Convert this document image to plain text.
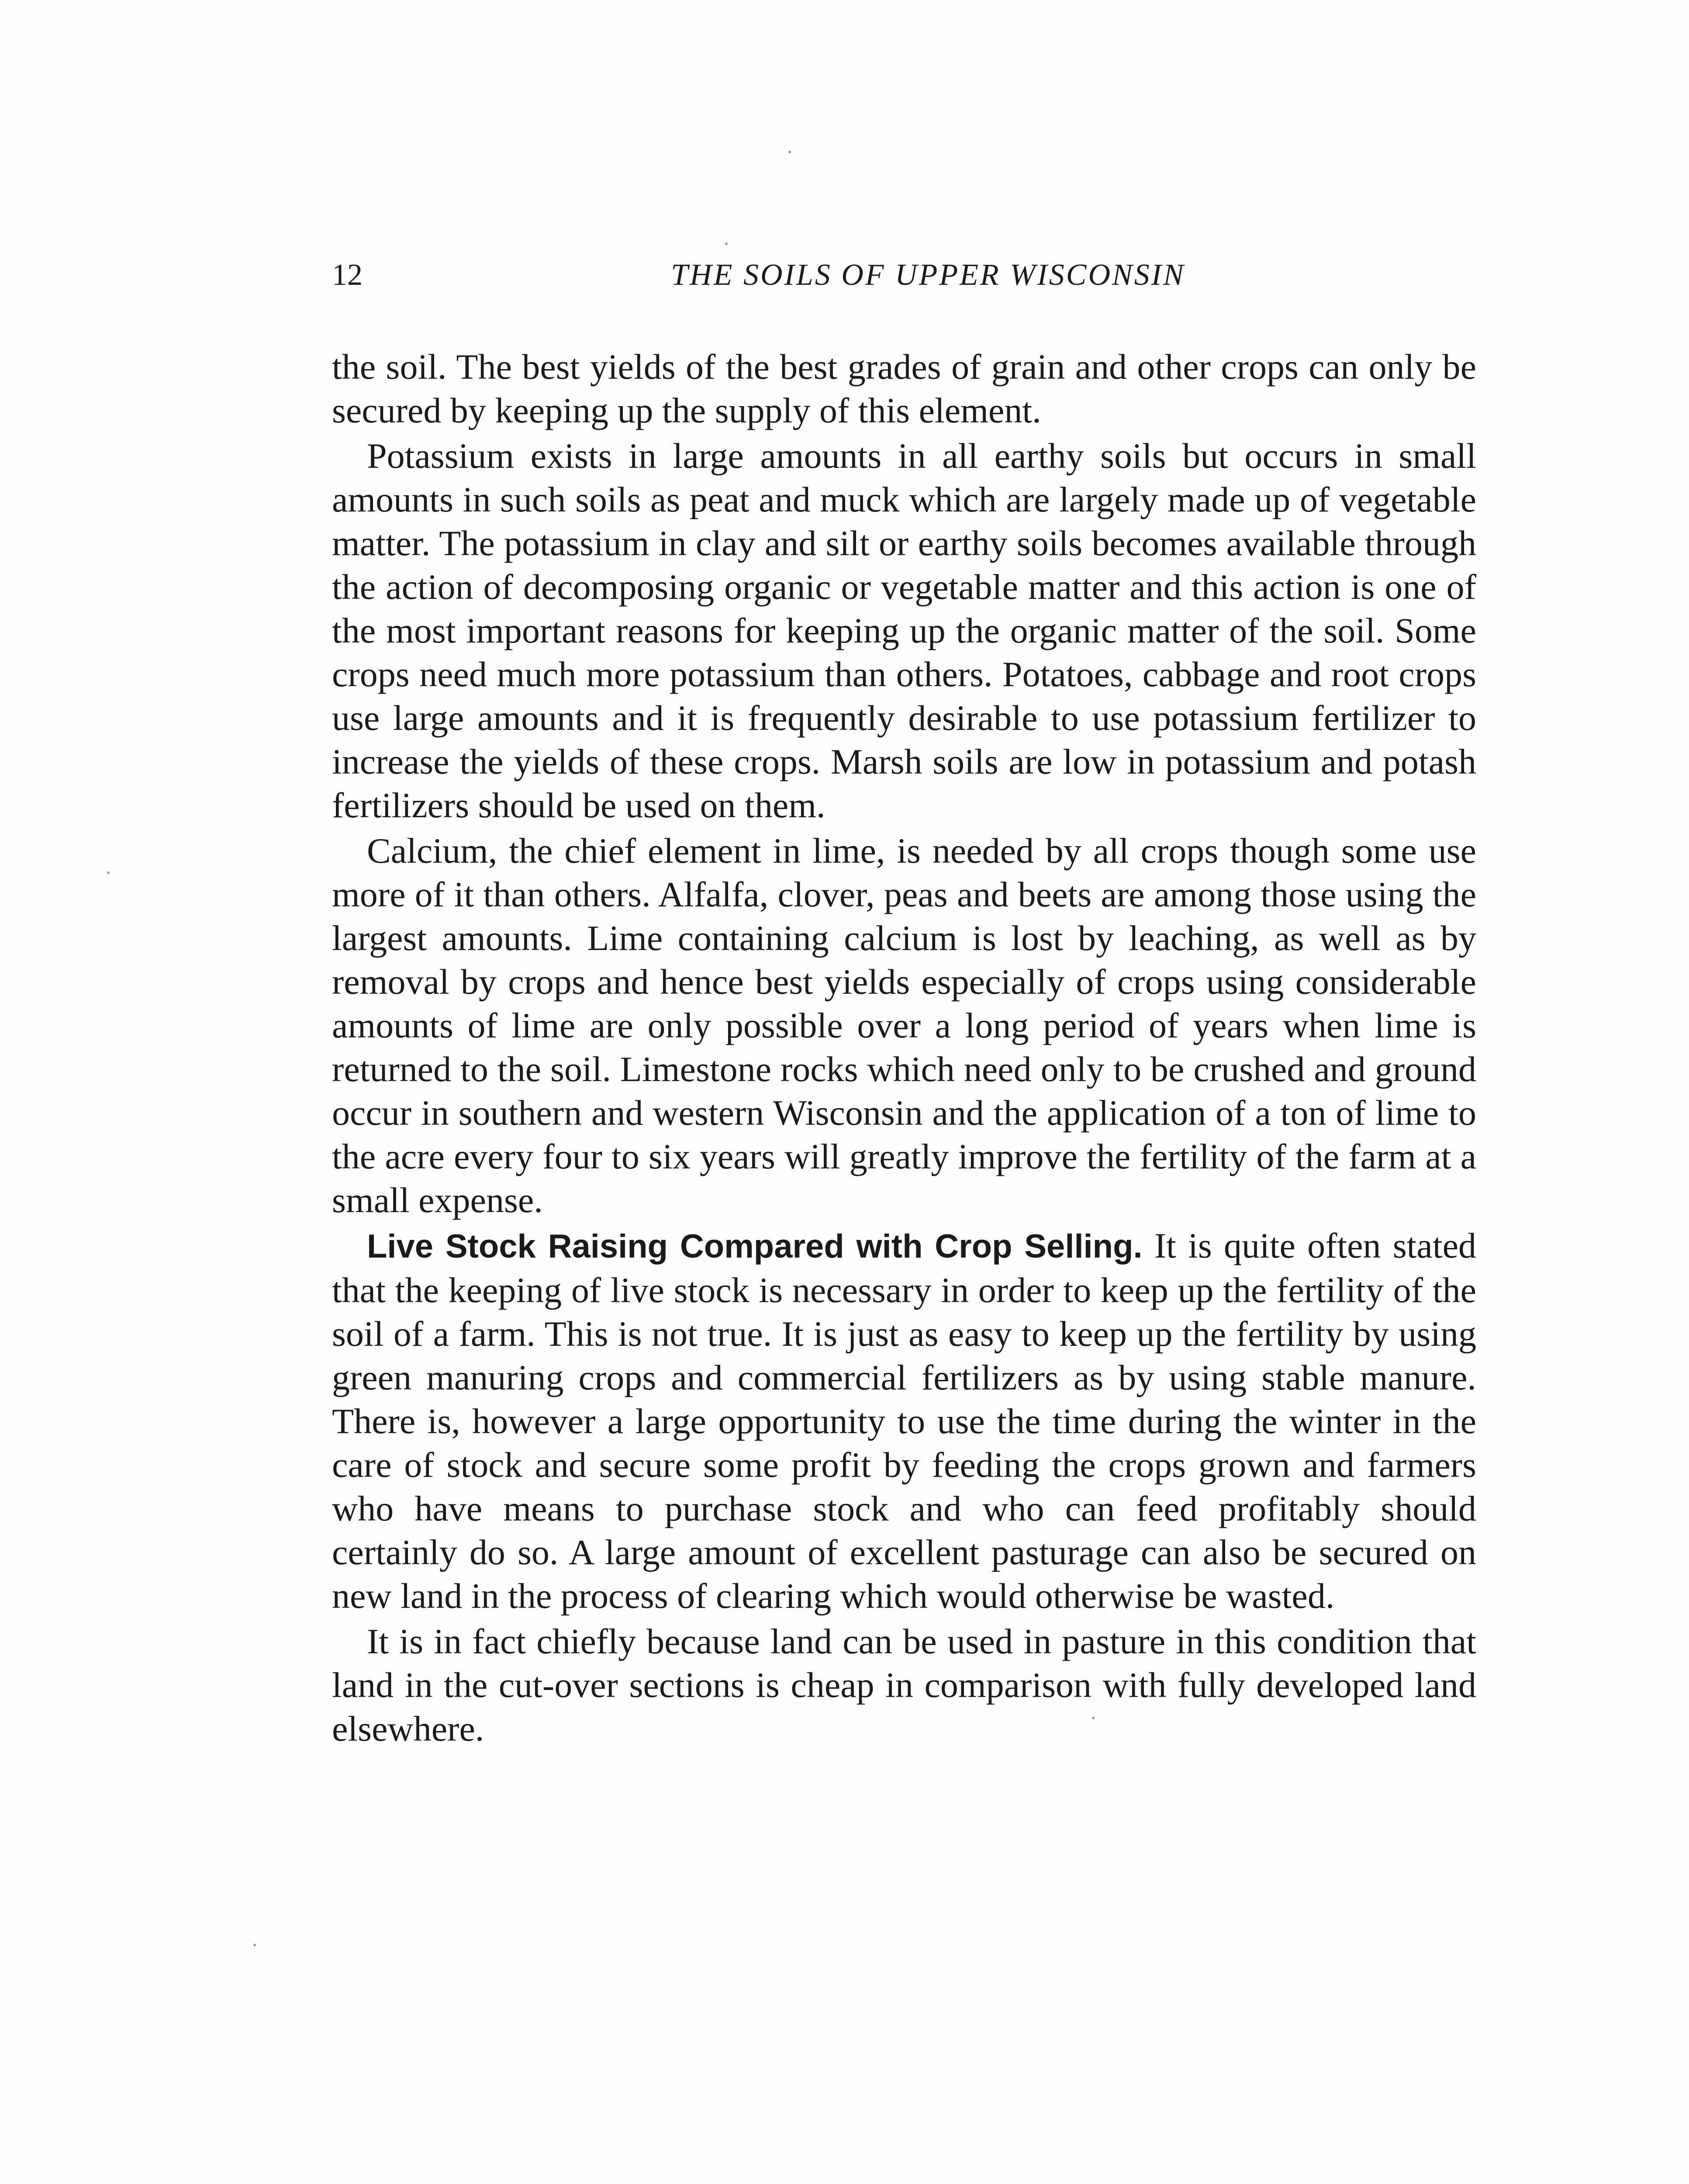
12	THE SOILS OF UPPER WISCONSIN

the soil. The best yields of the best grades of grain and other crops can only be secured by keeping up the supply of this element.

Potassium exists in large amounts in all earthy soils but occurs in small amounts in such soils as peat and muck which are largely made up of vegetable matter. The potassium in clay and silt or earthy soils becomes available through the action of decomposing organic or vegetable matter and this action is one of the most important reasons for keeping up the organic matter of the soil. Some crops need much more potassium than others. Potatoes, cabbage and root crops use large amounts and it is frequently desirable to use potassium fertilizer to increase the yields of these crops. Marsh soils are low in potassium and potash fertilizers should be used on them.

Calcium, the chief element in lime, is needed by all crops though some use more of it than others. Alfalfa, clover, peas and beets are among those using the largest amounts. Lime containing calcium is lost by leaching, as well as by removal by crops and hence best yields especially of crops using considerable amounts of lime are only possible over a long period of years when lime is returned to the soil. Limestone rocks which need only to be crushed and ground occur in southern and western Wisconsin and the application of a ton of lime to the acre every four to six years will greatly improve the fertility of the farm at a small expense.

Live Stock Raising Compared with Crop Selling. It is quite often stated that the keeping of live stock is necessary in order to keep up the fertility of the soil of a farm. This is not true. It is just as easy to keep up the fertility by using green manuring crops and commercial fertilizers as by using stable manure. There is, however a large opportunity to use the time during the winter in the care of stock and secure some profit by feeding the crops grown and farmers who have means to purchase stock and who can feed profitably should certainly do so. A large amount of excellent pasturage can also be secured on new land in the process of clearing which would otherwise be wasted.

It is in fact chiefly because land can be used in pasture in this condition that land in the cut-over sections is cheap in comparison with fully developed land elsewhere.
